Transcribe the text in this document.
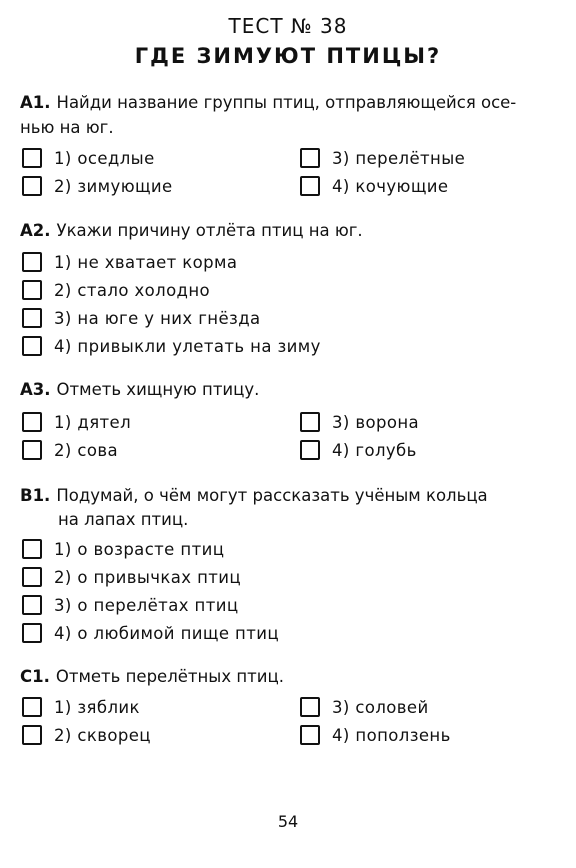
ТЕСТ № 38
ГДЕ ЗИМУЮТ ПТИЦЫ?
А1. Найди название группы птиц, отправляющейся осе-
нью на юг.
1) оседлые
2) зимующие
3) перелётные
4) кочующие
А2. Укажи причину отлёта птиц на юг.
1) не хватает корма
2) стало холодно
3) на юге у них гнёзда
4) привыкли улетать на зиму
А3. Отметь хищную птицу.
1) дятел
2) сова
3) ворона
4) голубь
В1. Подумай, о чём могут рассказать учёным кольца
на лапах птиц.
1) о возрасте птиц
2) о привычках птиц
3) о перелётах птиц
4) о любимой пище птиц
С1. Отметь перелётных птиц.
1) зяблик
2) скворец
3) соловей
4) поползень
54
